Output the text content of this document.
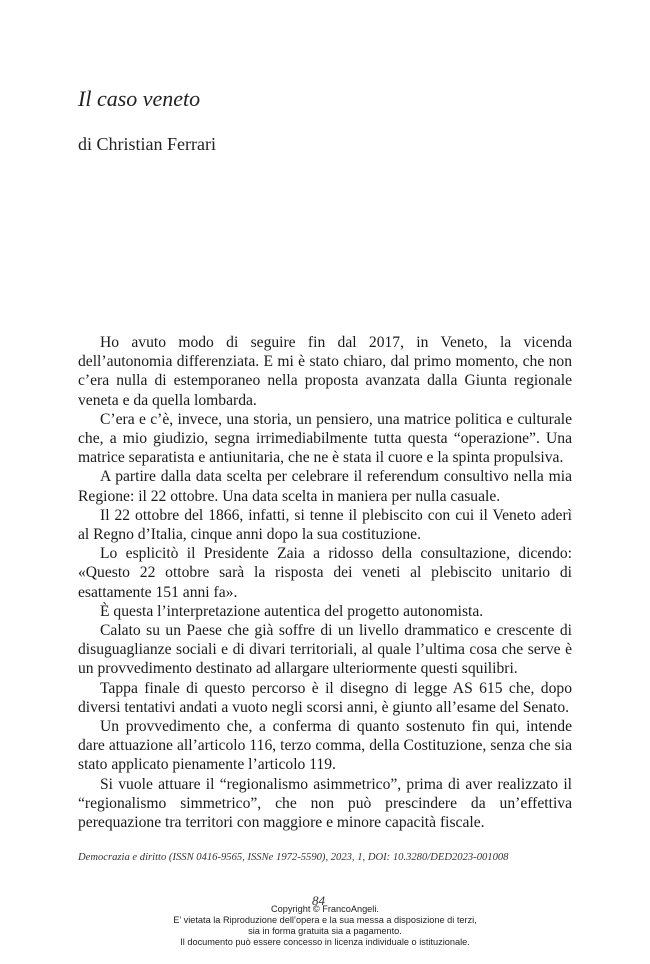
Il caso veneto

di Christian Ferrari

Ho avuto modo di seguire fin dal 2017, in Veneto, la vicenda dell’autonomia differenziata. E mi è stato chiaro, dal primo momento, che non c’era nulla di estemporaneo nella proposta avanzata dalla Giunta regionale veneta e da quella lombarda.

C’era e c’è, invece, una storia, un pensiero, una matrice politica e culturale che, a mio giudizio, segna irrimediabilmente tutta questa “operazione”. Una matrice separatista e antiunitaria, che ne è stata il cuore e la spinta propulsiva.

A partire dalla data scelta per celebrare il referendum consultivo nella mia Regione: il 22 ottobre. Una data scelta in maniera per nulla casuale.

Il 22 ottobre del 1866, infatti, si tenne il plebiscito con cui il Veneto aderì al Regno d’Italia, cinque anni dopo la sua costituzione.

Lo esplicitò il Presidente Zaia a ridosso della consultazione, dicendo: «Questo 22 ottobre sarà la risposta dei veneti al plebiscito unitario di esattamente 151 anni fa».

È questa l’interpretazione autentica del progetto autonomista.

Calato su un Paese che già soffre di un livello drammatico e crescente di disuguaglianze sociali e di divari territoriali, al quale l’ultima cosa che serve è un provvedimento destinato ad allargare ulteriormente questi squilibri.

Tappa finale di questo percorso è il disegno di legge AS 615 che, dopo diversi tentativi andati a vuoto negli scorsi anni, è giunto all’esame del Senato.

Un provvedimento che, a conferma di quanto sostenuto fin qui, intende dare attuazione all’articolo 116, terzo comma, della Costituzione, senza che sia stato applicato pienamente l’articolo 119.

Si vuole attuare il “regionalismo asimmetrico”, prima di aver realizzato il “regionalismo simmetrico”, che non può prescindere da un’effettiva perequazione tra territori con maggiore e minore capacità fiscale.

Democrazia e diritto (ISSN 0416-9565, ISSNe 1972-5590), 2023, 1, DOI: 10.3280/DED2023-001008

84

Copyright © FrancoAngeli.
E’ vietata la Riproduzione dell’opera e la sua messa a disposizione di terzi,
sia in forma gratuita sia a pagamento.
Il documento può essere concesso in licenza individuale o istituzionale.
